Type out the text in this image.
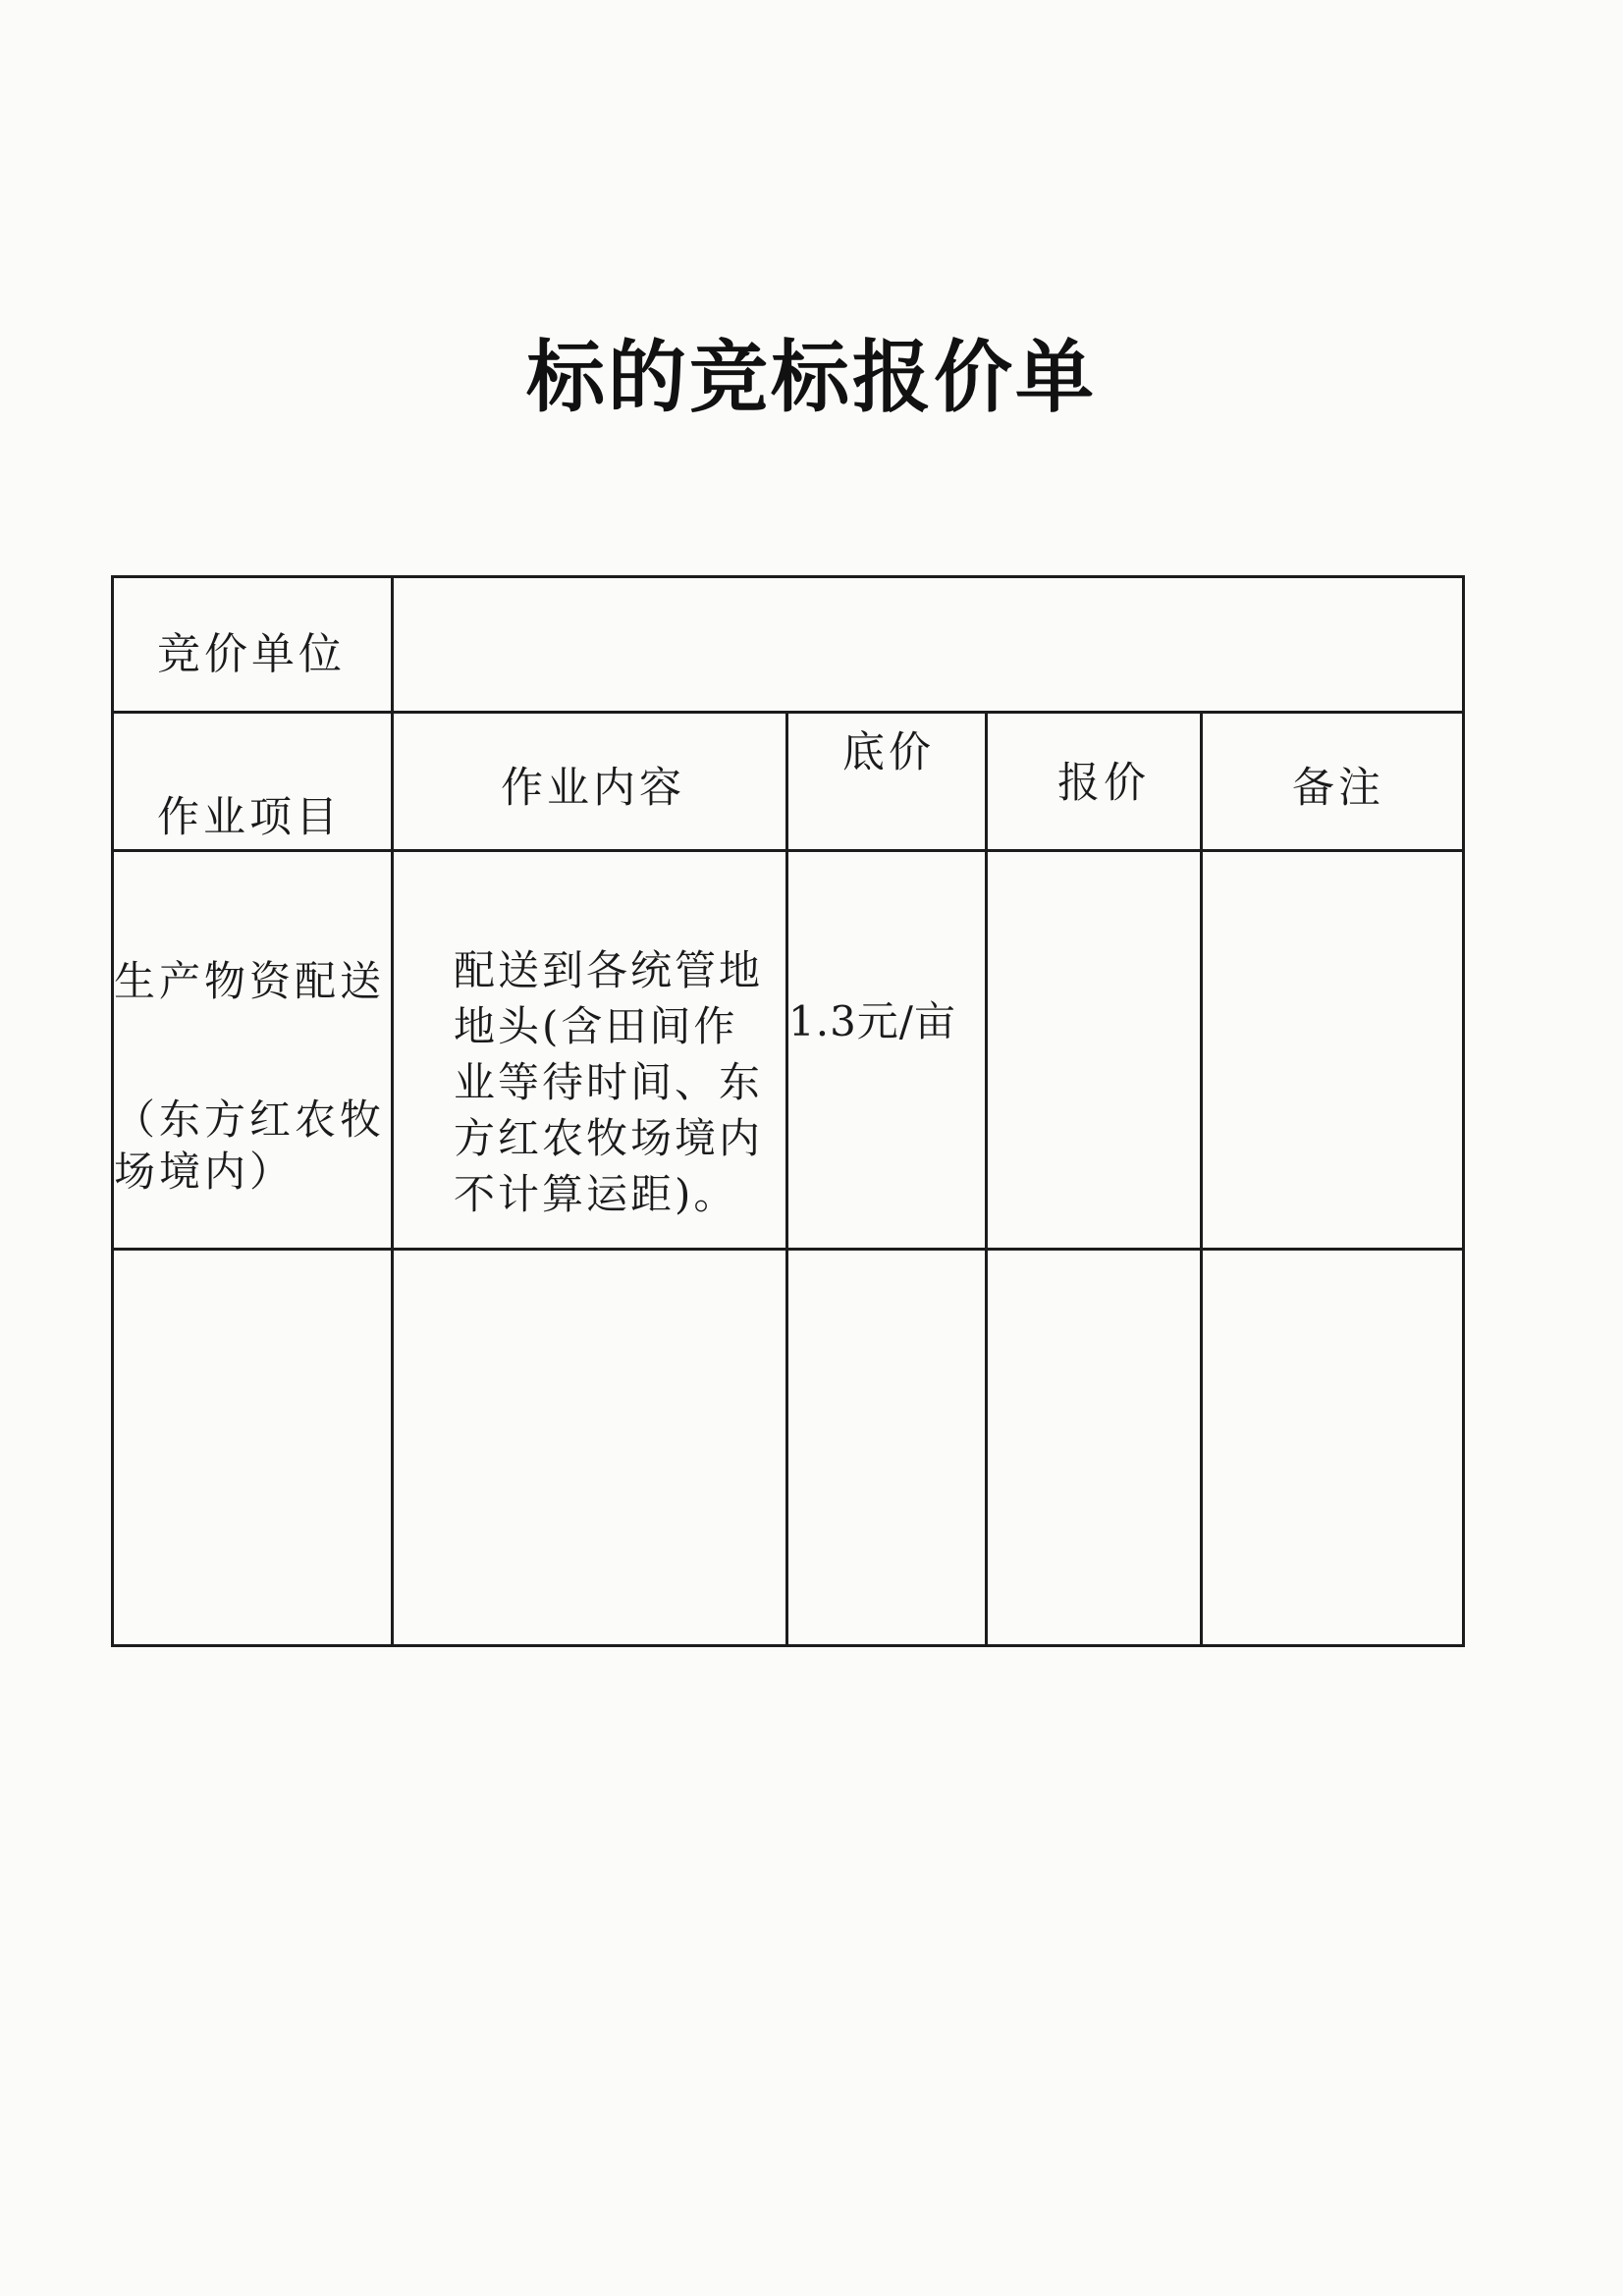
标的竞标报价单
竞价单位
作业项目
作业内容
底价
报价	备注
生产物资配送
（东方红农牧
场境内）
配送到各统管地
地头(含田间作
业等待时间、东
方红农牧场境内
不计算运距)。
1.3元/亩
